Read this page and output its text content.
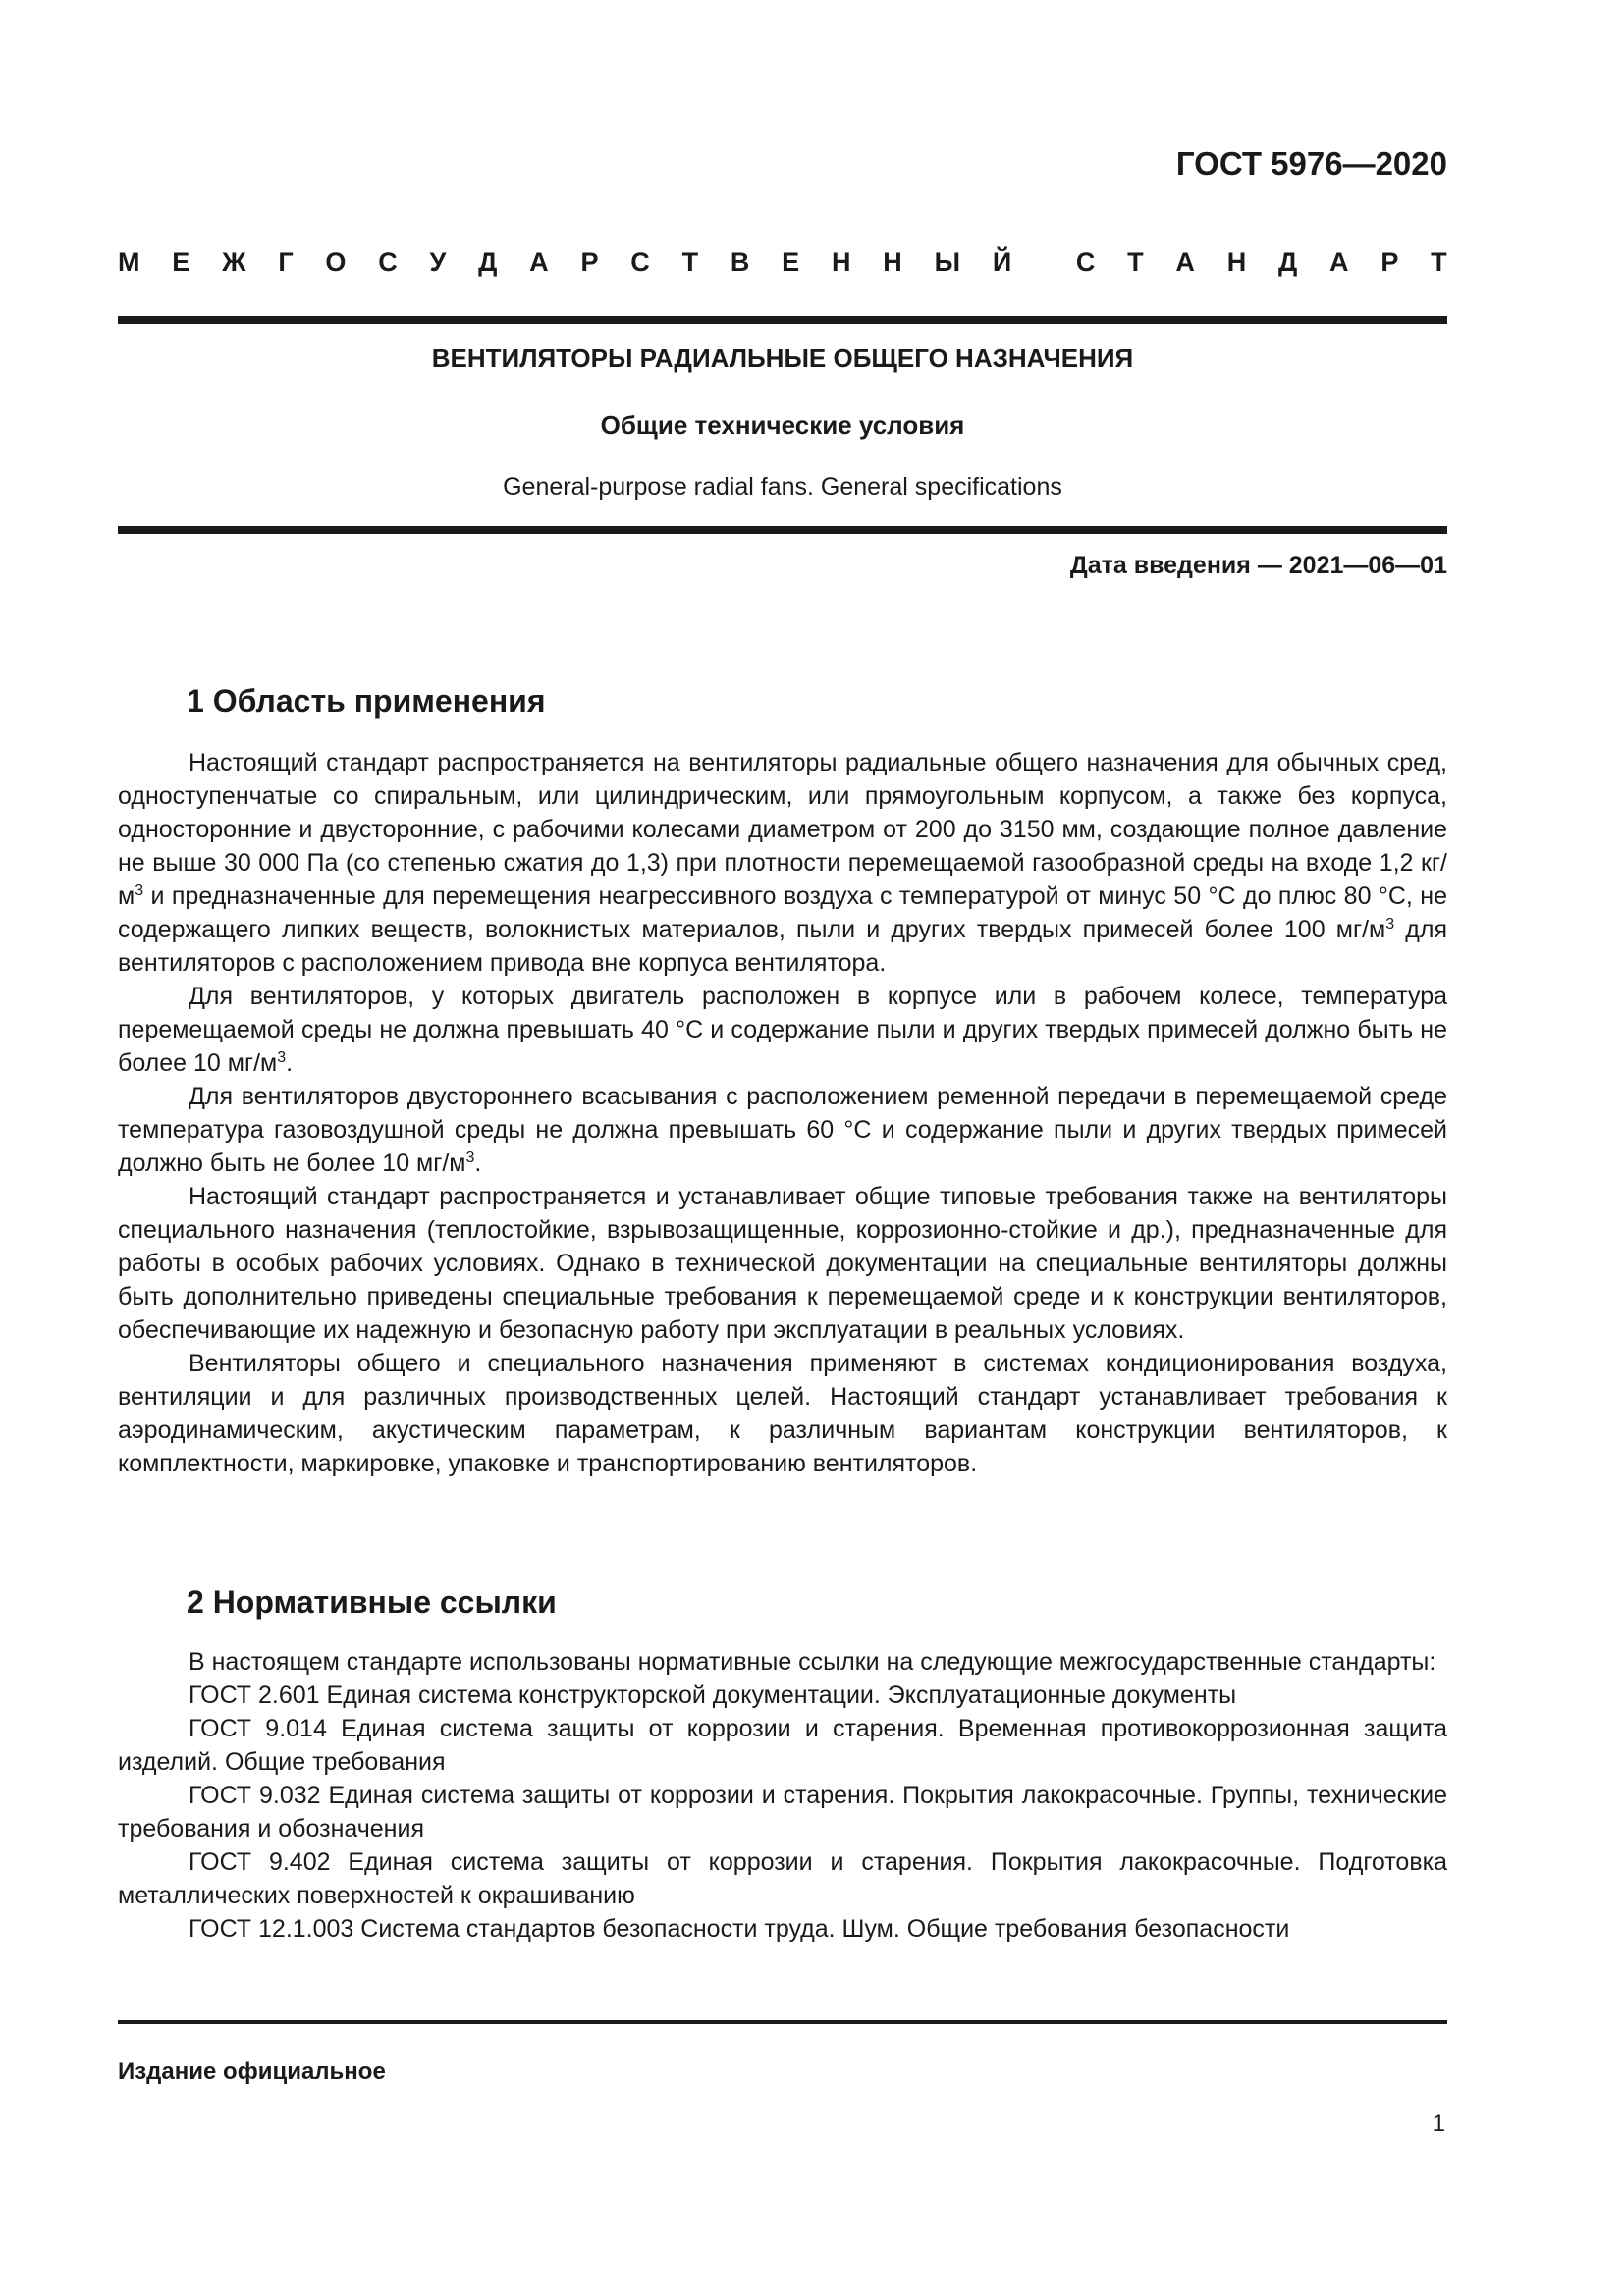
ГОСТ 5976—2020
М Е Ж Г О С У Д А Р С Т В Е Н Н Ы Й С Т А Н Д А Р Т
ВЕНТИЛЯТОРЫ РАДИАЛЬНЫЕ ОБЩЕГО НАЗНАЧЕНИЯ
Общие технические условия
General-purpose radial fans. General specifications
Дата введения — 2021—06—01
1 Область применения

Настоящий стандарт распространяется на вентиляторы радиальные общего назначения для обычных сред, одноступенчатые со спиральным, или цилиндрическим, или прямоугольным корпусом, а также без корпуса, односторонние и двусторонние, с рабочими колесами диаметром от 200 до 3150 мм, создающие полное давление не выше 30 000 Па (со степенью сжатия до 1,3) при плотности перемещаемой газообразной среды на входе 1,2 $кг/м^3$ и предназначенные для перемещения неагрессивного воздуха с температурой от минус 50 °С до плюс 80 °С, не содержащего липких веществ, волокнистых материалов, пыли и других твердых примесей более 100 $мг/м^3$ для вентиляторов с расположением привода вне корпуса вентилятора.

Для вентиляторов, у которых двигатель расположен в корпусе или в рабочем колесе, температура перемещаемой среды не должна превышать 40 °С и содержание пыли и других твердых примесей должно быть не более 10 $мг/м^3$.

Для вентиляторов двустороннего всасывания с расположением ременной передачи в перемещаемой среде температура газовоздушной среды не должна превышать 60 °С и содержание пыли и других твердых примесей должно быть не более 10 $мг/м^3$.

Настоящий стандарт распространяется и устанавливает общие типовые требования также на вентиляторы специального назначения (теплостойкие, взрывозащищенные, коррозионно-стойкие и др.), предназначенные для работы в особых рабочих условиях. Однако в технической документации на специальные вентиляторы должны быть дополнительно приведены специальные требования к перемещаемой среде и к конструкции вентиляторов, обеспечивающие их надежную и безопасную работу при эксплуатации в реальных условиях.

Вентиляторы общего и специального назначения применяют в системах кондиционирования воздуха, вентиляции и для различных производственных целей. Настоящий стандарт устанавливает требования к аэродинамическим, акустическим параметрам, к различным вариантам конструкции вентиляторов, к комплектности, маркировке, упаковке и транспортированию вентиляторов.

2 Нормативные ссылки

В настоящем стандарте использованы нормативные ссылки на следующие межгосударственные стандарты:

ГОСТ 2.601 Единая система конструкторской документации. Эксплуатационные документы

ГОСТ 9.014 Единая система защиты от коррозии и старения. Временная противокоррозионная защита изделий. Общие требования

ГОСТ 9.032 Единая система защиты от коррозии и старения. Покрытия лакокрасочные. Группы, технические требования и обозначения

ГОСТ 9.402 Единая система защиты от коррозии и старения. Покрытия лакокрасочные. Подготовка металлических поверхностей к окрашиванию

ГОСТ 12.1.003 Система стандартов безопасности труда. Шум. Общие требования безопасности

Издание официальное
1
